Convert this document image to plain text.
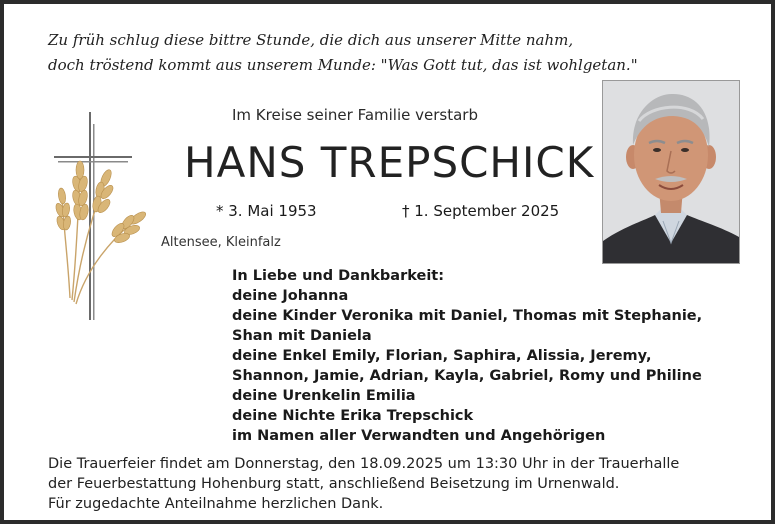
Zu früh schlug diese bittre Stunde, die dich aus unserer Mitte nahm,
doch tröstend kommt aus unserem Munde: "Was Gott tut, das ist wohlgetan."
Im Kreise seiner Familie verstarb
HANS TREPSCHICK
* 3. Mai 1953	† 1. September 2025
Altensee, Kleinfalz
In Liebe und Dankbarkeit:
deine Johanna
deine Kinder Veronika mit Daniel, Thomas mit Stephanie,
Shan mit Daniela
deine Enkel Emily, Florian, Saphira, Alissia, Jeremy,
Shannon, Jamie, Adrian, Kayla, Gabriel, Romy und Philine
deine Urenkelin Emilia
deine Nichte Erika Trepschick
im Namen aller Verwandten und Angehörigen
Die Trauerfeier findet am Donnerstag, den 18.09.2025 um 13:30 Uhr in der Trauerhalle
der Feuerbestattung Hohenburg statt, anschließend Beisetzung im Urnenwald.
Für zugedachte Anteilnahme herzlichen Dank.
